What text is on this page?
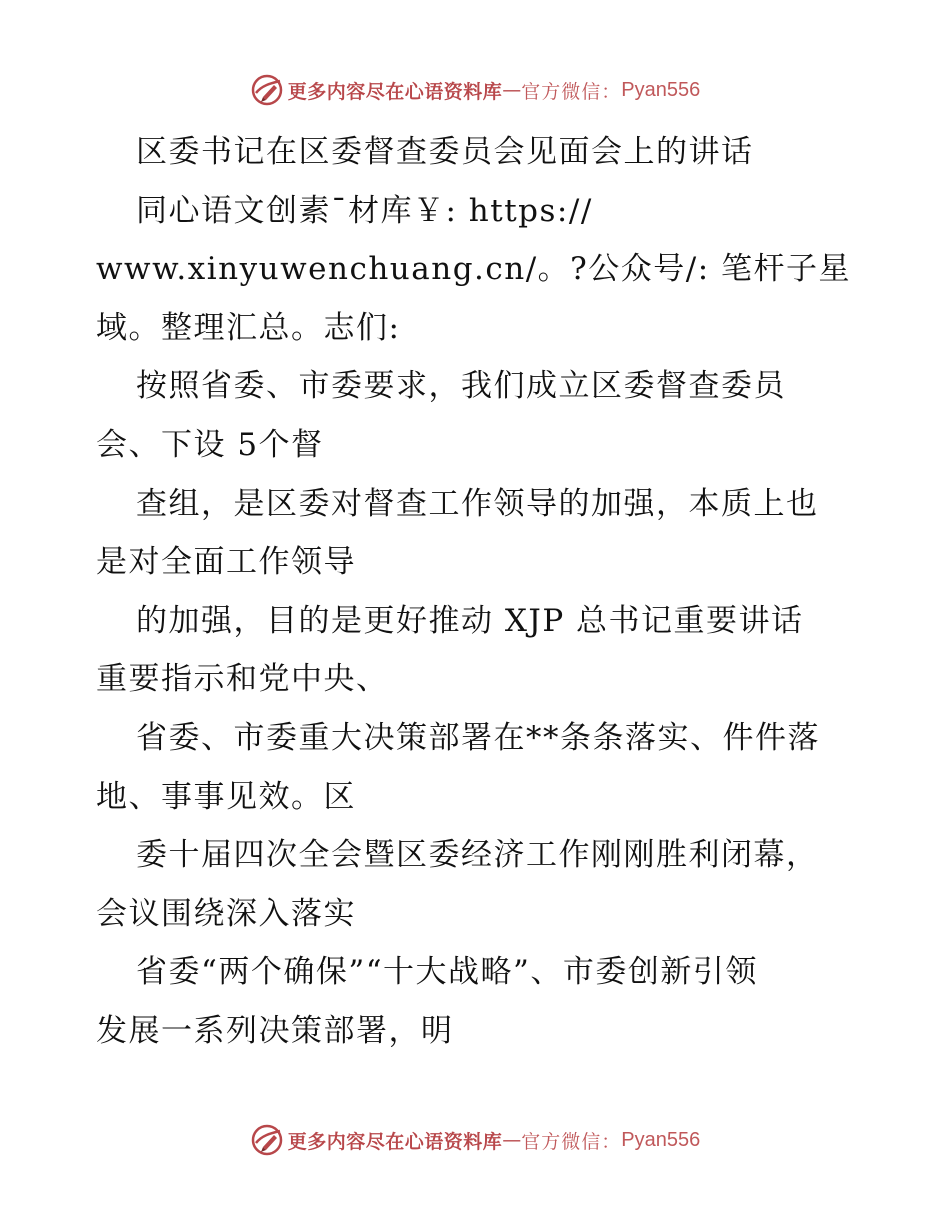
更多内容尽在心语资料库 — 官方微信： Pyan556
区委书记在区委督查委员会见面会上的讲话
同心语文创素¯材库￥: https://
www.xinyuwenchuang.cn/。?公众号/: 笔杆子星
域。整理汇总。志们:
按照省委、市委要求，我们成立区委督查委员
会、下设 5个督
查组，是区委对督查工作领导的加强，本质上也
是对全面工作领导
的加强，目的是更好推动 XJP 总书记重要讲话
重要指示和党中央、
省委、市委重大决策部署在**条条落实、件件落
地、事事见效。区
委十届四次全会暨区委经济工作刚刚胜利闭幕，
会议围绕深入落实
省委“两个确保”“十大战略”、市委创新引领
发展一系列决策部署，明
更多内容尽在心语资料库 — 官方微信： Pyan556
